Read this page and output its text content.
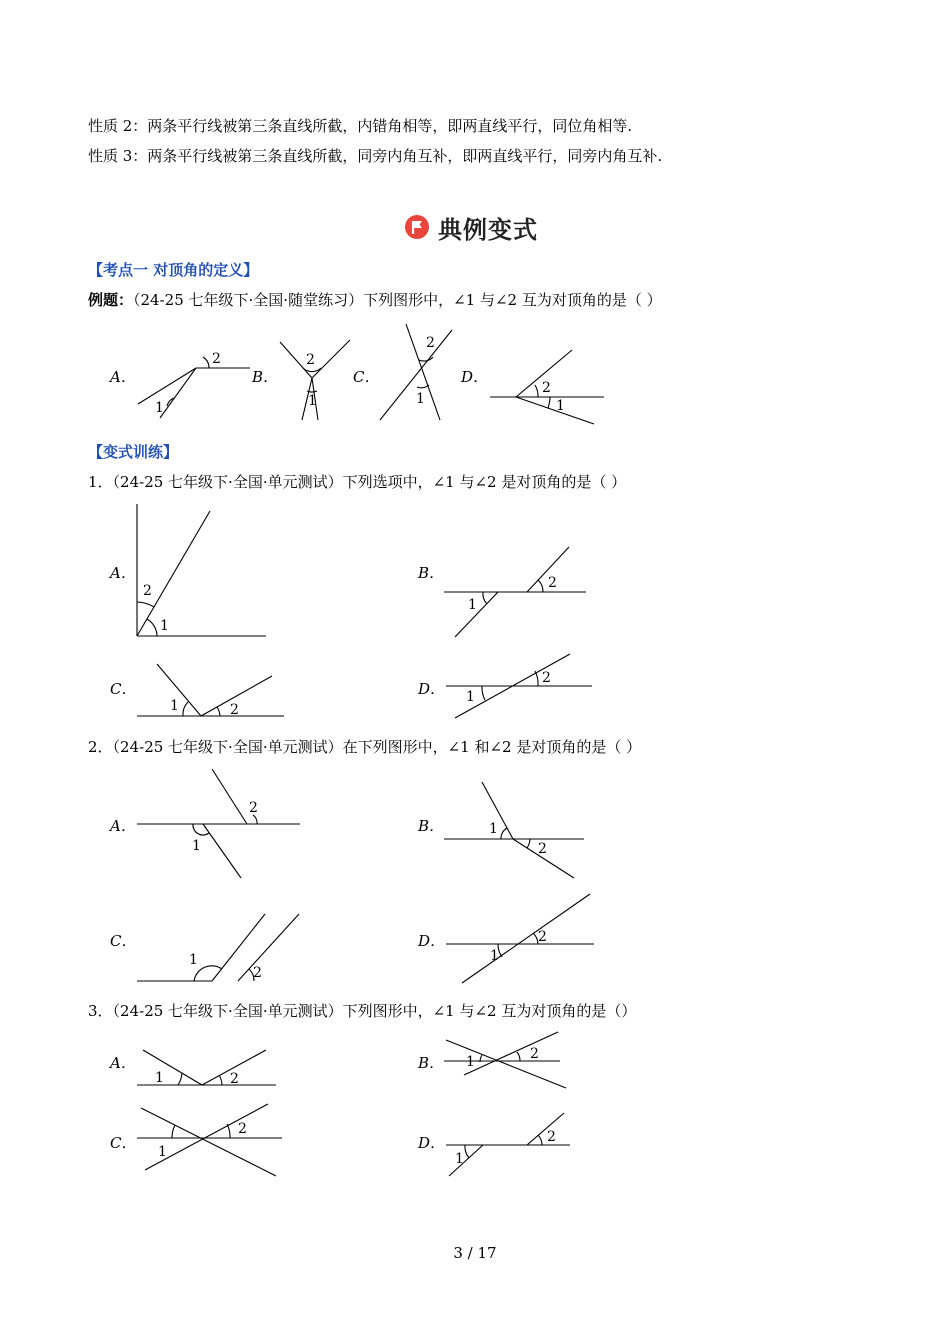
性质 2：两条平行线被第三条直线所截，内错角相等，即两直线平行，同位角相等.
性质 3：两条平行线被第三条直线所截，同旁内角互补，即两直线平行，同旁内角互补.
典例变式
【考点一 对顶角的定义】
例题：（24-25 七年级下·全国·随堂练习）下列图形中，∠1 与∠2 互为对顶角的是（ ）
A．	B．	C．	D．
【变式训练】
1．（24-25 七年级下·全国·单元测试）下列选项中，∠1 与∠2 是对顶角的是（ ）
A．	B．
C．	D．
2．（24-25 七年级下·全国·单元测试）在下列图形中，∠1 和∠2 是对顶角的是（ ）
A．	B．
C．	D．
3．（24-25 七年级下·全国·单元测试）下列图形中，∠1 与∠2 互为对顶角的是（）
A．	B．
C．	D．
2
1
2
1
2
1
2
1
2
1
1
2
1	2
1
2
2
1
1
2
1
2
1
2
1	2
1	2
1
2
1
2
3 / 17
